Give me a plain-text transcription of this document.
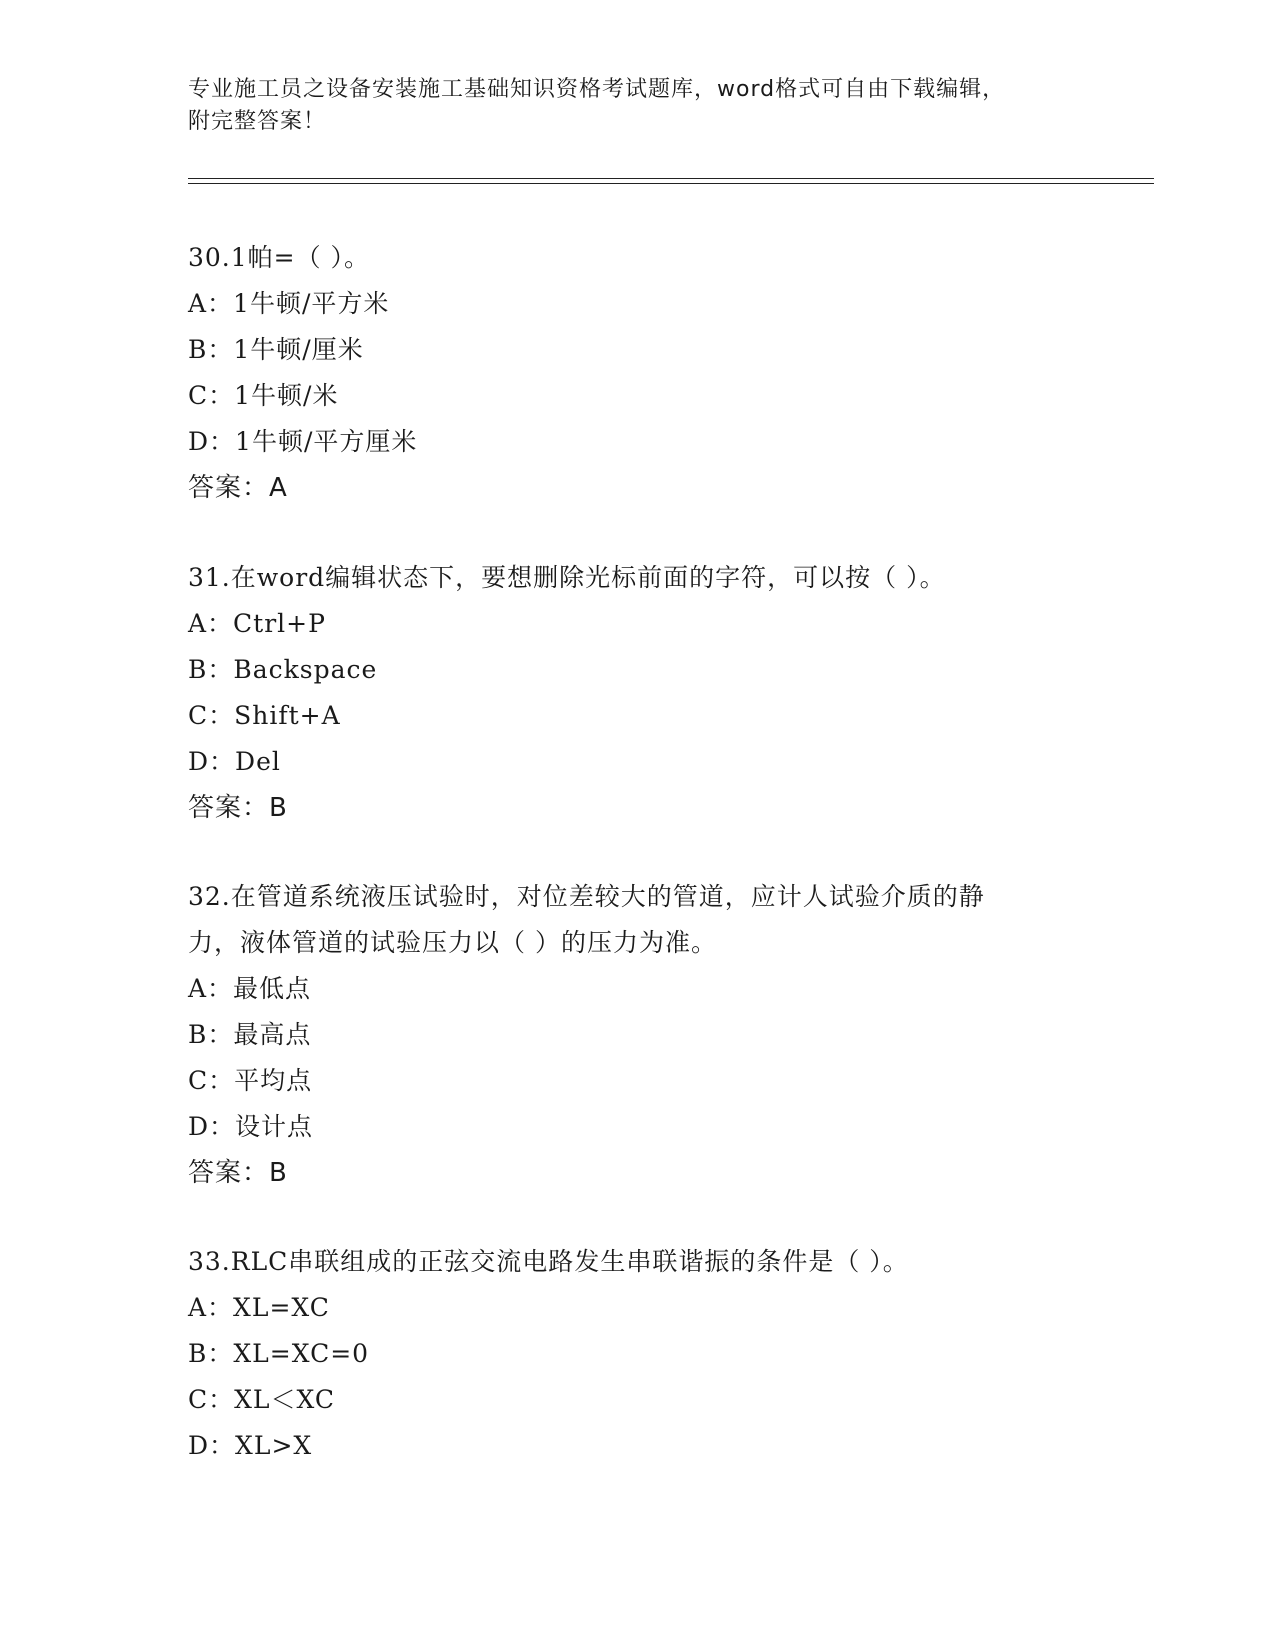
专业施工员之设备安装施工基础知识资格考试题库，word格式可自由下载编辑，
附完整答案！
30.1帕=（ ）。
A：1牛顿/平方米
B：1牛顿/厘米
C：1牛顿/米
D：1牛顿/平方厘米
答案：A
31.在word编辑状态下，要想删除光标前面的字符，可以按（ ）。
A：Ctrl+P
B：Backspace
C：Shift+A
D：Del
答案：B
32.在管道系统液压试验时，对位差较大的管道，应计人试验介质的静
力，液体管道的试验压力以（ ）的压力为准。
A：最低点
B：最高点
C：平均点
D：设计点
答案：B
33.RLC串联组成的正弦交流电路发生串联谐振的条件是（ ）。
A：XL=XC
B：XL=XC=0
C：XL＜XC
D：XL>X
